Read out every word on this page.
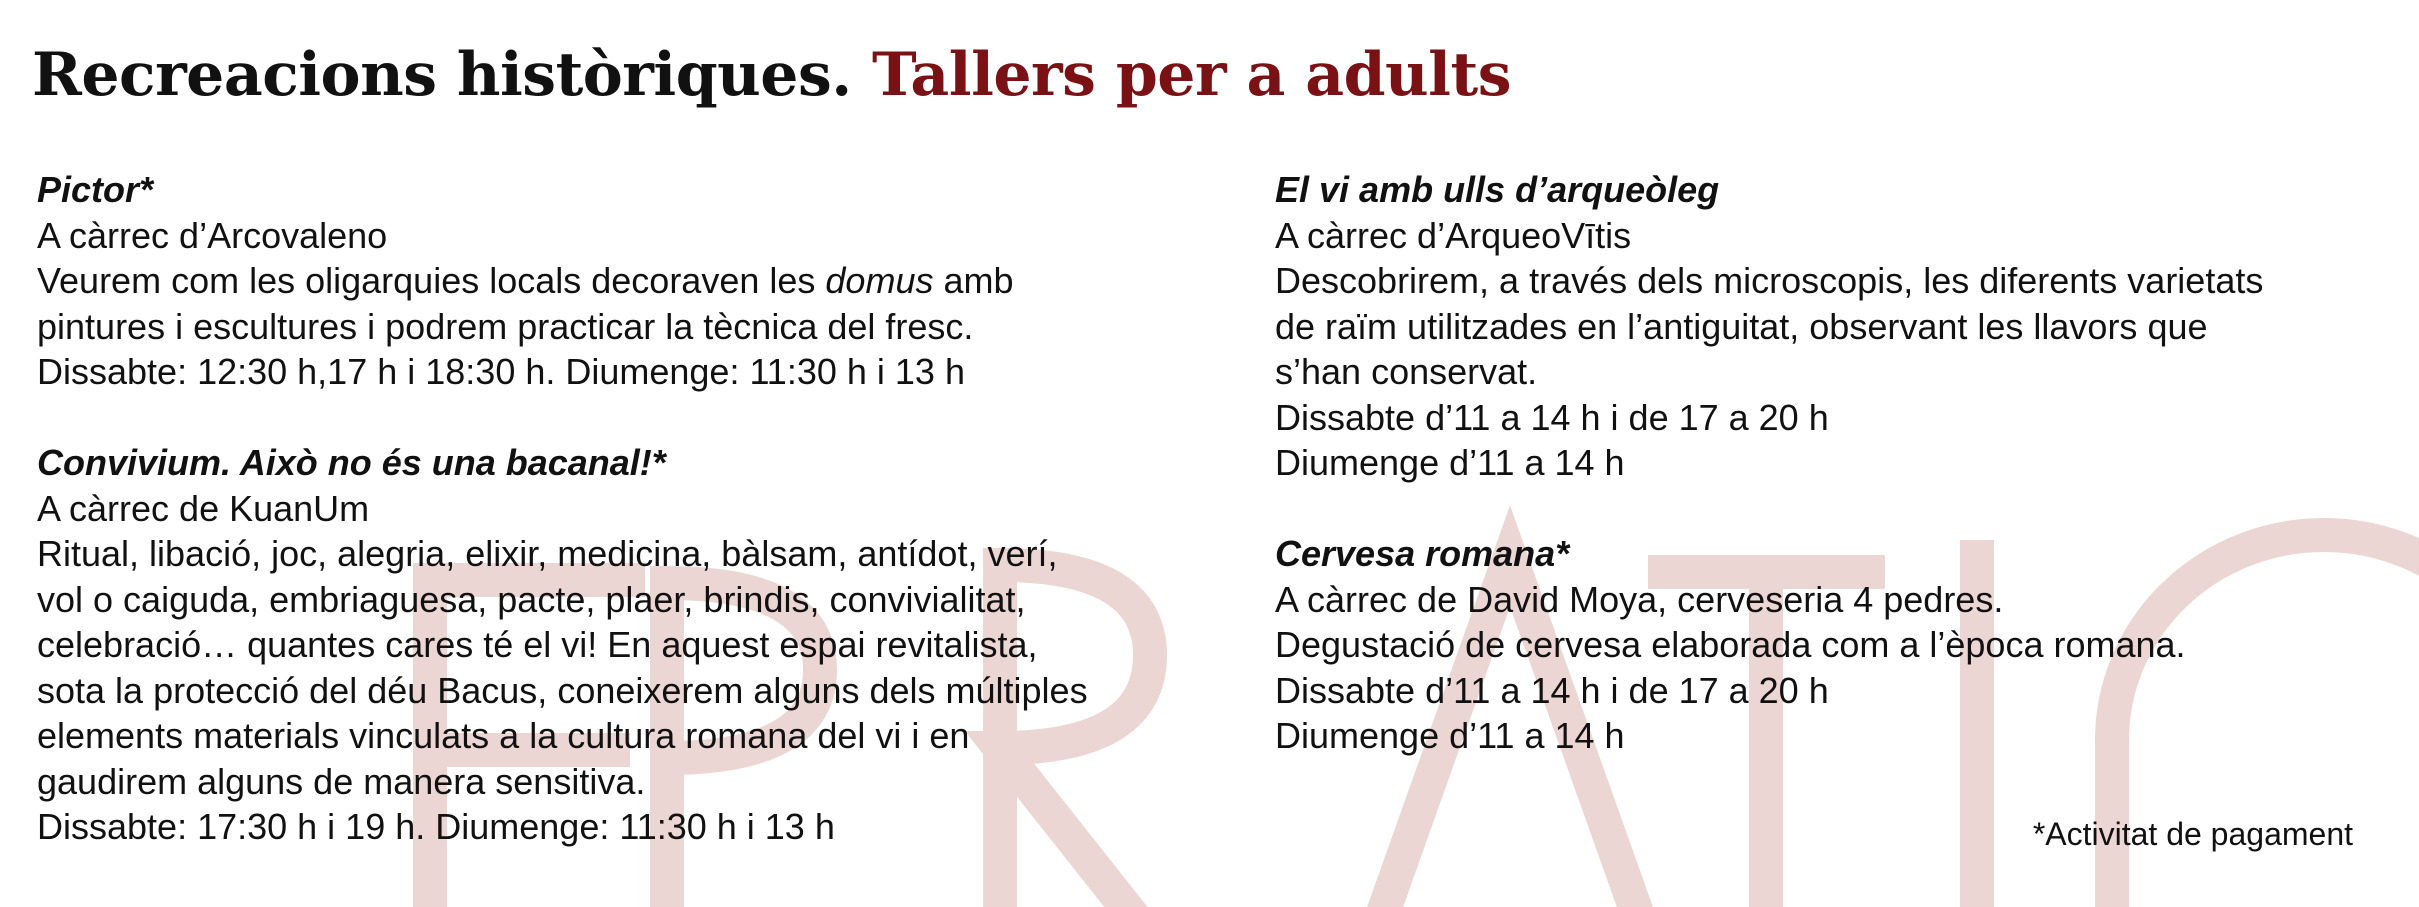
Recreacions històriques. Tallers per a adults
Pictor*
A càrrec d’Arcovaleno
Veurem com les oligarquies locals decoraven les domus amb
pintures i escultures i podrem practicar la tècnica del fresc.
Dissabte: 12:30 h,17 h i 18:30 h. Diumenge: 11:30 h i 13 h
Convivium. Això no és una bacanal!*
A càrrec de KuanUm
Ritual, libació, joc, alegria, elixir, medicina, bàlsam, antídot, verí,
vol o caiguda, embriaguesa, pacte, plaer, brindis, convivialitat,
celebració… quantes cares té el vi! En aquest espai revitalista,
sota la protecció del déu Bacus, coneixerem alguns dels múltiples
elements materials vinculats a la cultura romana del vi i en
gaudirem alguns de manera sensitiva.
Dissabte: 17:30 h i 19 h. Diumenge: 11:30 h i 13 h
El vi amb ulls d’arqueòleg
A càrrec d’ArqueoVītis
Descobrirem, a través dels microscopis, les diferents varietats
de raïm utilitzades en l’antiguitat, observant les llavors que
s’han conservat.
Dissabte d’11 a 14 h i de 17 a 20 h
Diumenge d’11 a 14 h
Cervesa romana*
A càrrec de David Moya, cerveseria 4 pedres.
Degustació de cervesa elaborada com a l’època romana.
Dissabte d’11 a 14 h i de 17 a 20 h
Diumenge d’11 a 14 h
*Activitat de pagament
